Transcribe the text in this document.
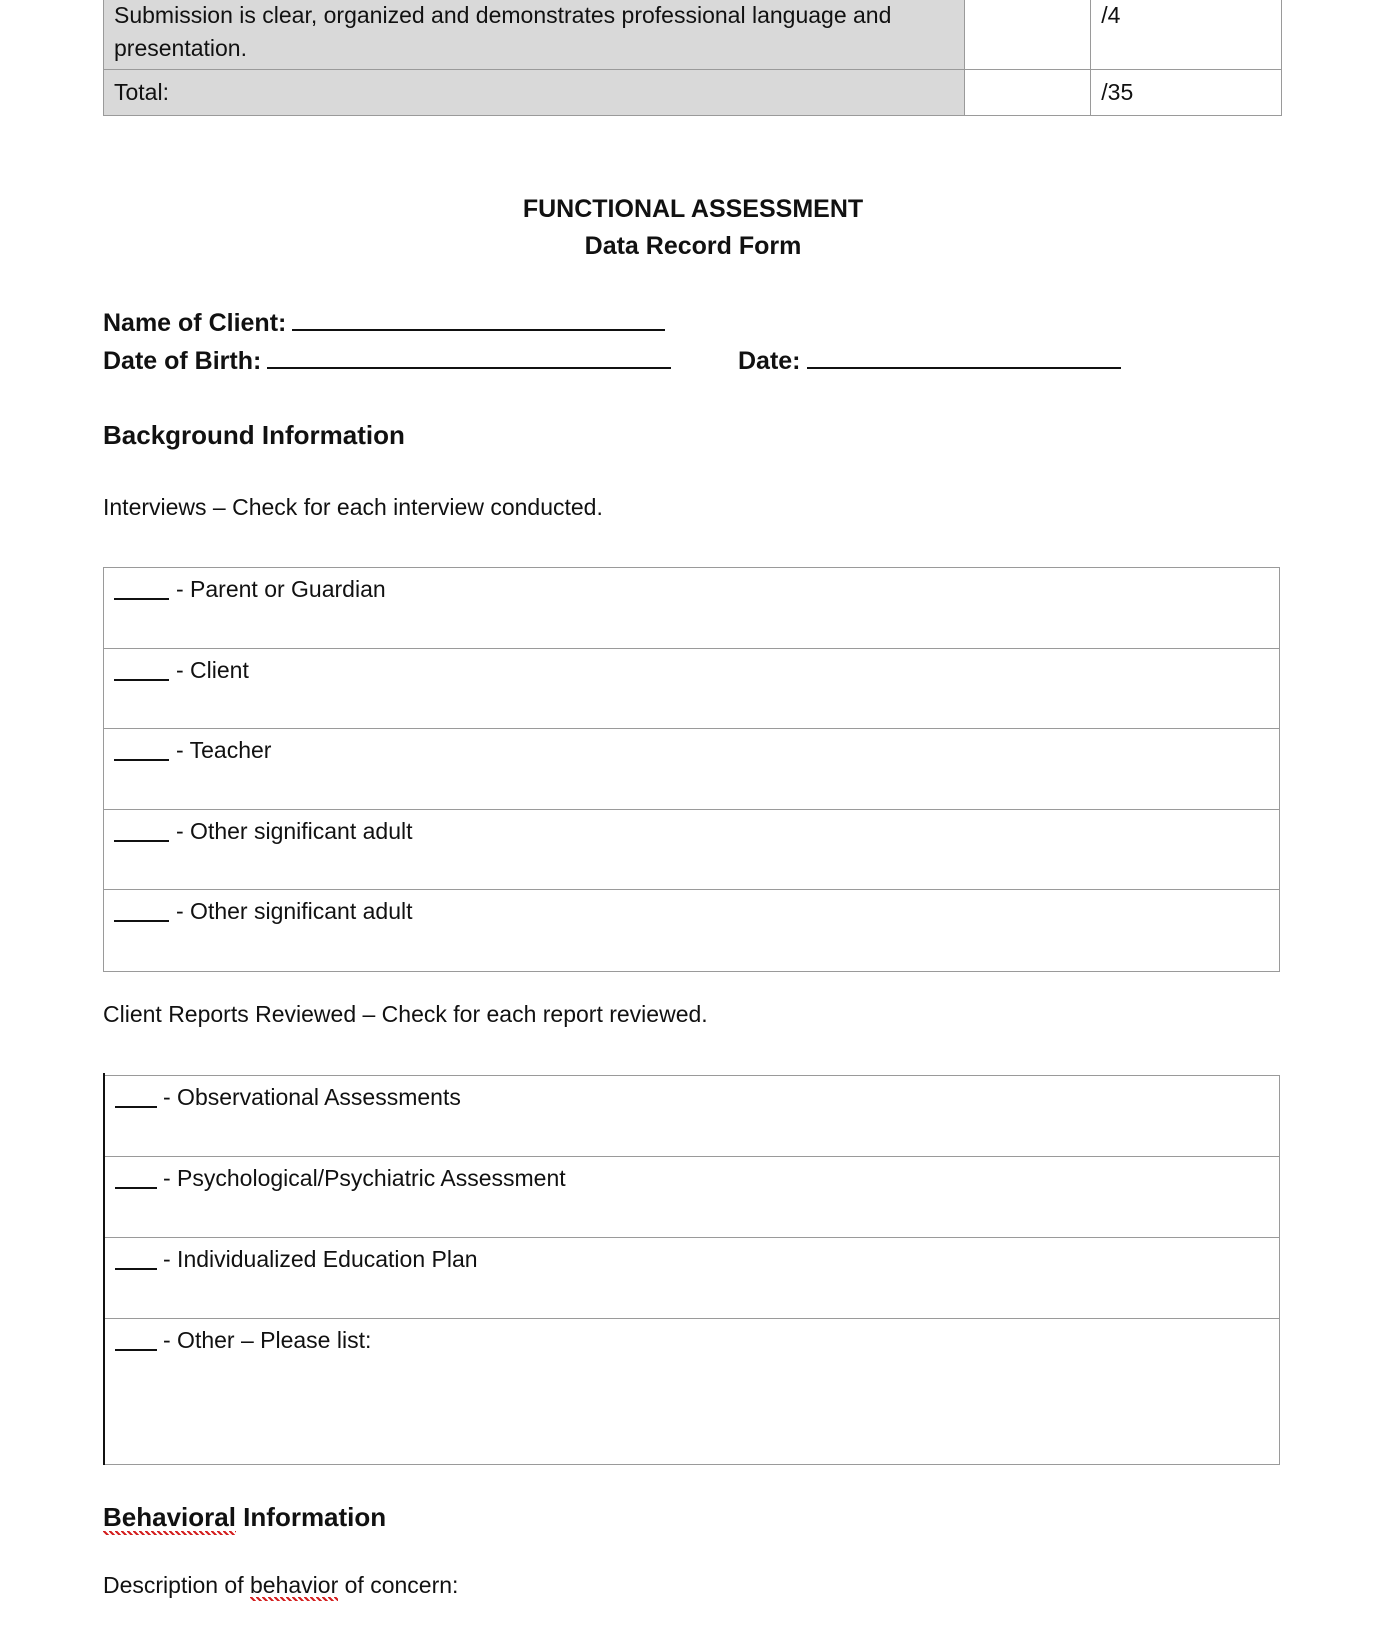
Submission is clear, organized and demonstrates professional language and presentation.		/4
Total:		/35
FUNCTIONAL ASSESSMENT
Data Record Form
Name of Client:
Date of Birth:	Date:
Background Information
Interviews – Check for each interview conducted.
- Parent or Guardian
- Client
- Teacher
- Other significant adult
- Other significant adult
Client Reports Reviewed – Check for each report reviewed.
- Observational Assessments
- Psychological/Psychiatric Assessment
- Individualized Education Plan
- Other – Please list:
Behavioral Information
Description of behavior of concern:
